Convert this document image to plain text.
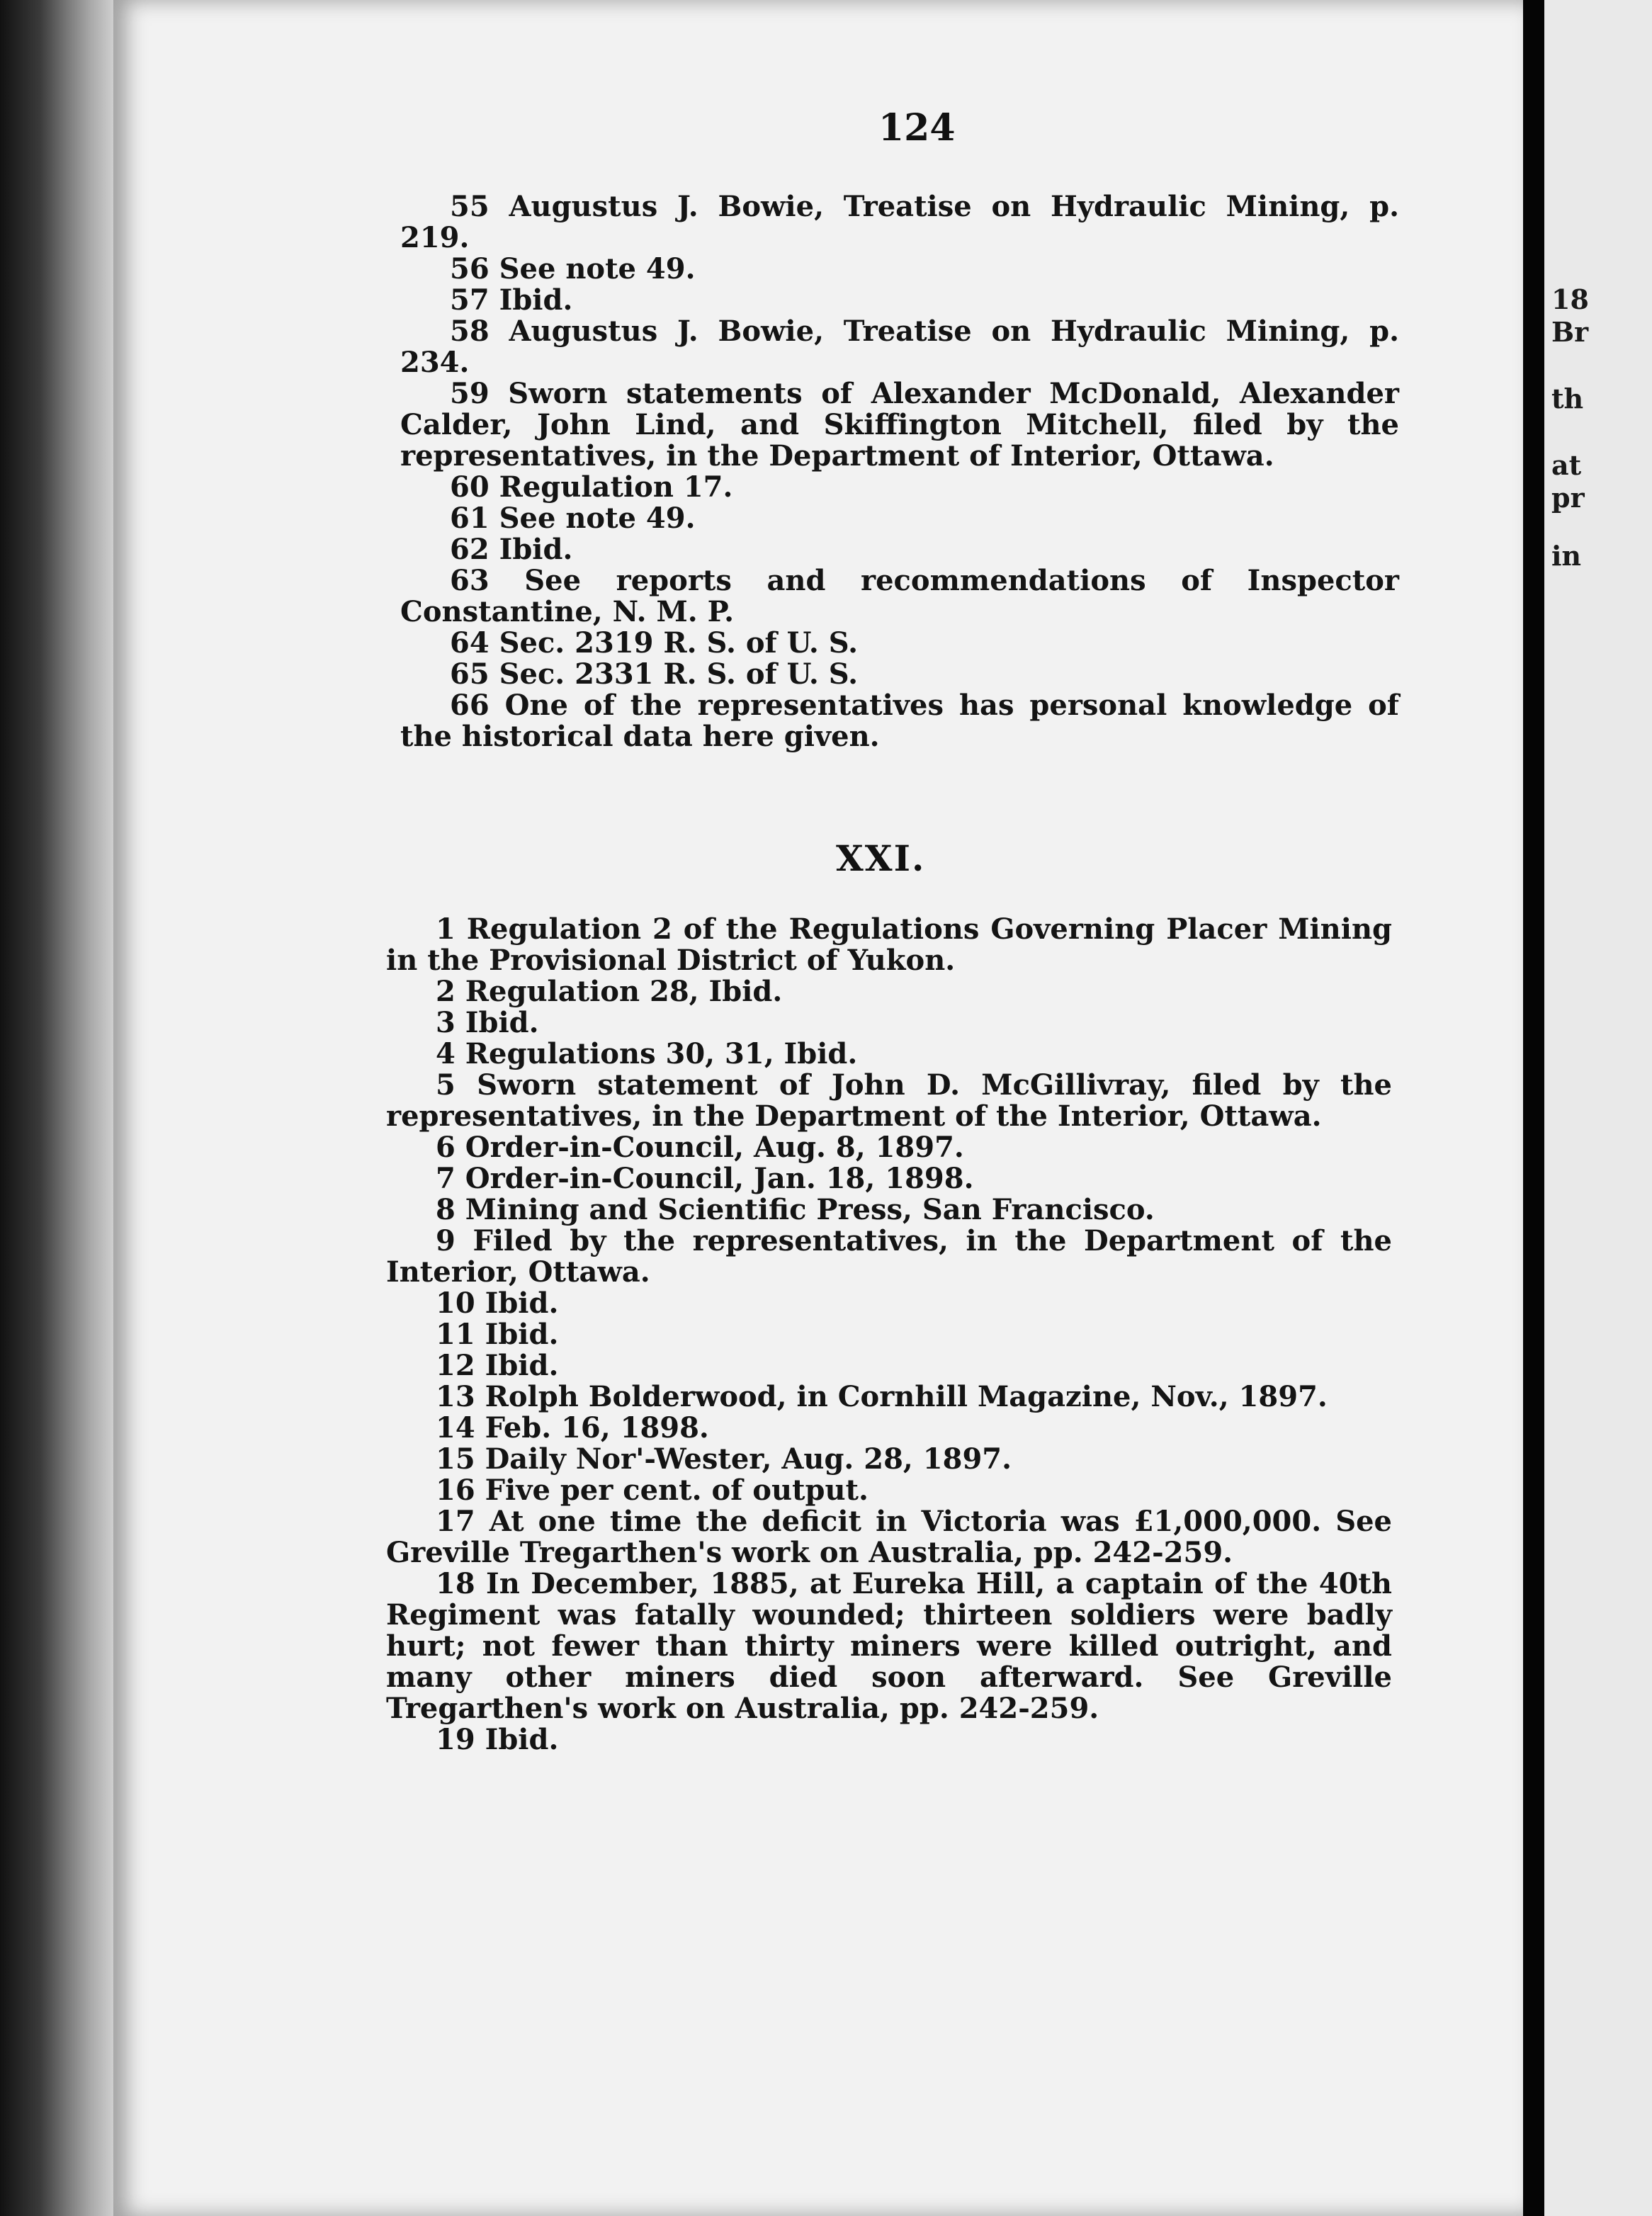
18
Br
th
at
pr
in
124

55 Augustus J. Bowie, Treatise on Hydraulic Mining, p. 219.

56 See note 49.

57 Ibid.

58 Augustus J. Bowie, Treatise on Hydraulic Mining, p. 234.

59 Sworn statements of Alexander McDonald, Alexander Calder, John Lind, and Skiffington Mitchell, filed by the representatives, in the Department of Interior, Ottawa.

60 Regulation 17.

61 See note 49.

62 Ibid.

63 See reports and recommendations of Inspector Constantine, N. M. P.

64 Sec. 2319 R. S. of U. S.

65 Sec. 2331 R. S. of U. S.

66 One of the representatives has personal knowledge of the historical data here given.

XXI.

1 Regulation 2 of the Regulations Governing Placer Mining in the Provisional District of Yukon.

2 Regulation 28, Ibid.

3 Ibid.

4 Regulations 30, 31, Ibid.

5 Sworn statement of John D. McGillivray, filed by the representatives, in the Department of the Interior, Ottawa.

6 Order-in-Council, Aug. 8, 1897.

7 Order-in-Council, Jan. 18, 1898.

8 Mining and Scientific Press, San Francisco.

9 Filed by the representatives, in the Department of the Interior, Ottawa.

10 Ibid.

11 Ibid.

12 Ibid.

13 Rolph Bolderwood, in Cornhill Magazine, Nov., 1897.

14 Feb. 16, 1898.

15 Daily Nor'-Wester, Aug. 28, 1897.

16 Five per cent. of output.

17 At one time the deficit in Victoria was £1,000,000. See Greville Tregarthen's work on Australia, pp. 242-259.

18 In December, 1885, at Eureka Hill, a captain of the 40th Regiment was fatally wounded; thirteen soldiers were badly hurt; not fewer than thirty miners were killed outright, and many other miners died soon afterward. See Greville Tregarthen's work on Australia, pp. 242-259.

19 Ibid.
